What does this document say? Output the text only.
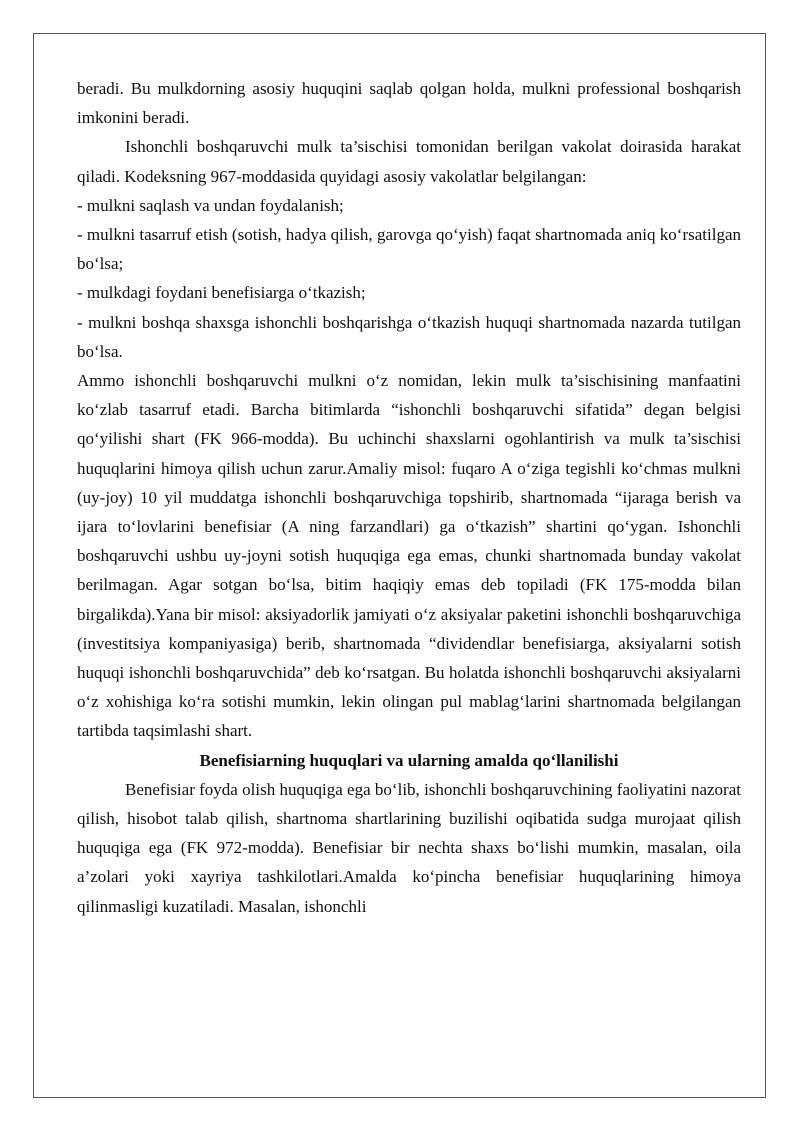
beradi. Bu mulkdorning asosiy huquqini saqlab qolgan holda, mulkni professional boshqarish imkonini beradi.

Ishonchli boshqaruvchi mulk ta’sischisi tomonidan berilgan vakolat doirasida harakat qiladi. Kodeksning 967-moddasida quyidagi asosiy vakolatlar belgilangan:

- mulkni saqlash va undan foydalanish;

- mulkni tasarruf etish (sotish, hadya qilish, garovga qo‘yish) faqat shartnomada aniq ko‘rsatilgan bo‘lsa;

- mulkdagi foydani benefisiarga o‘tkazish;

- mulkni boshqa shaxsga ishonchli boshqarishga o‘tkazish huquqi shartnomada nazarda tutilgan bo‘lsa.

Ammo ishonchli boshqaruvchi mulkni o‘z nomidan, lekin mulk ta’sischisining manfaatini ko‘zlab tasarruf etadi. Barcha bitimlarda “ishonchli boshqaruvchi sifatida” degan belgisi qo‘yilishi shart (FK 966-modda). Bu uchinchi shaxslarni ogohlantirish va mulk ta’sischisi huquqlarini himoya qilish uchun zarur.Amaliy misol: fuqaro A o‘ziga tegishli ko‘chmas mulkni (uy-joy) 10 yil muddatga ishonchli boshqaruvchiga topshirib, shartnomada “ijaraga berish va ijara to‘lovlarini benefisiar (A ning farzandlari) ga o‘tkazish” shartini qo‘ygan. Ishonchli boshqaruvchi ushbu uy-joyni sotish huquqiga ega emas, chunki shartnomada bunday vakolat berilmagan. Agar sotgan bo‘lsa, bitim haqiqiy emas deb topiladi (FK 175-modda bilan birgalikda).Yana bir misol: aksiyadorlik jamiyati o‘z aksiyalar paketini ishonchli boshqaruvchiga (investitsiya kompaniyasiga) berib, shartnomada “dividendlar benefisiarga, aksiyalarni sotish huquqi ishonchli boshqaruvchida” deb ko‘rsatgan. Bu holatda ishonchli boshqaruvchi aksiyalarni o‘z xohishiga ko‘ra sotishi mumkin, lekin olingan pul mablag‘larini shartnomada belgilangan tartibda taqsimlashi shart.

Benefisiarning huquqlari va ularning amalda qo‘llanilishi

Benefisiar foyda olish huquqiga ega bo‘lib, ishonchli boshqaruvchining faoliyatini nazorat qilish, hisobot talab qilish, shartnoma shartlarining buzilishi oqibatida sudga murojaat qilish huquqiga ega (FK 972-modda). Benefisiar bir nechta shaxs bo‘lishi mumkin, masalan, oila a’zolari yoki xayriya tashkilotlari.Amalda ko‘pincha benefisiar huquqlarining himoya qilinmasligi kuzatiladi. Masalan, ishonchli
